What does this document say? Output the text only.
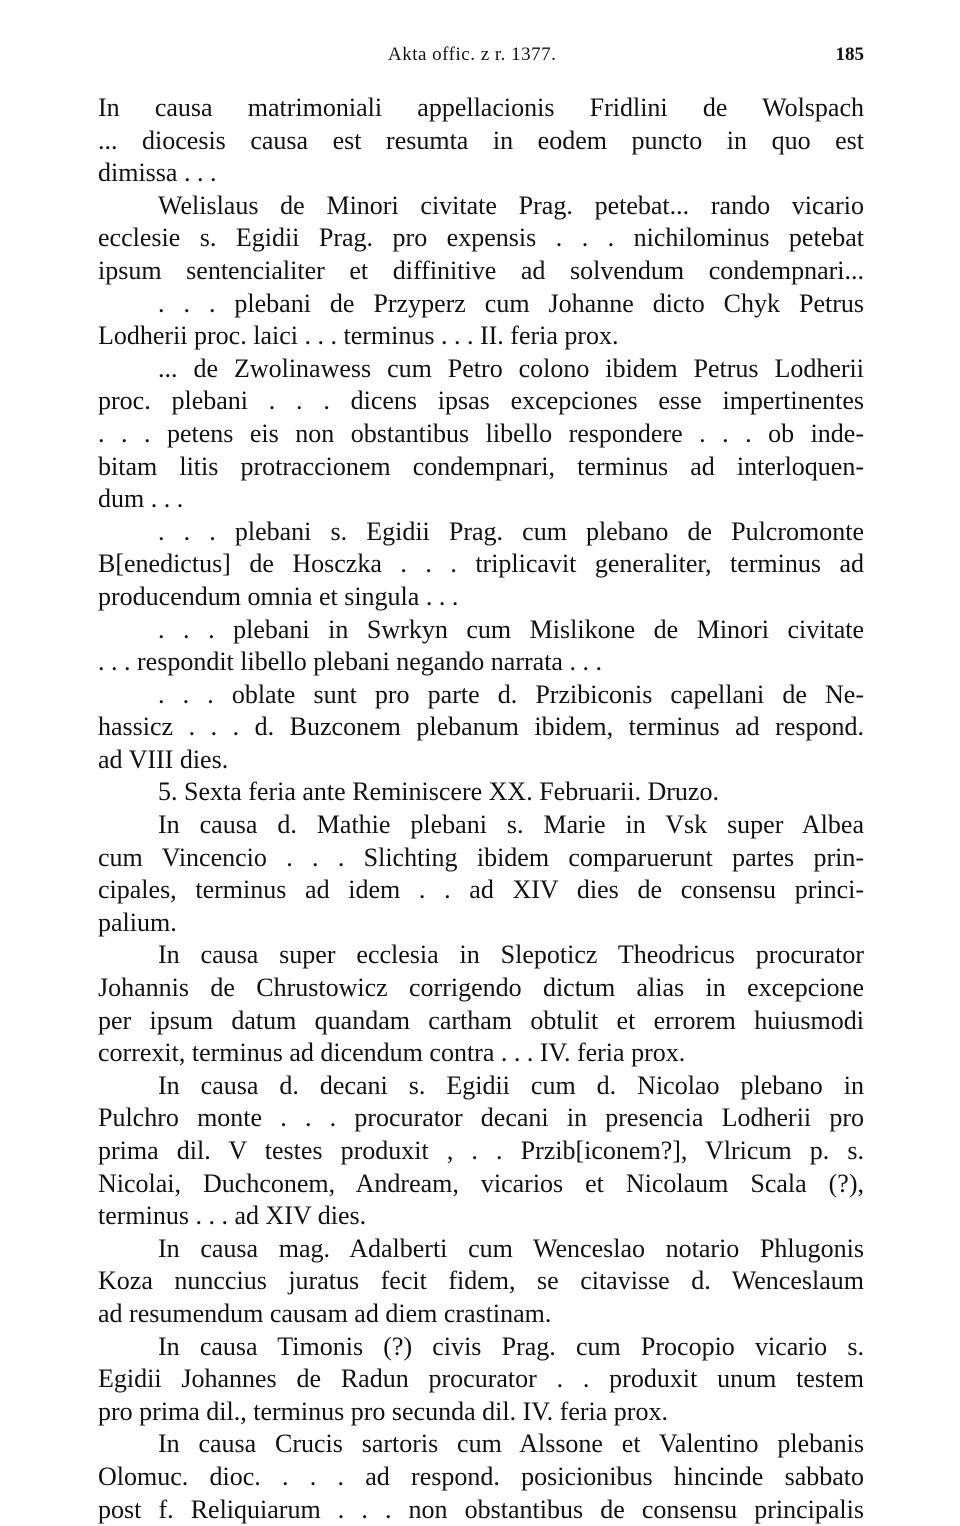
Akta offic. z r. 1377.	185
In causa matrimoniali appellacionis Fridlini de Wolspach
... diocesis causa est resumta in eodem puncto in quo est
dimissa . . .
Welislaus de Minori civitate Prag. petebat... rando vicario
ecclesie s. Egidii Prag. pro expensis . . . nichilominus petebat
ipsum sentencialiter et diffinitive ad solvendum condempnari...
. . . plebani de Przyperz cum Johanne dicto Chyk Petrus
Lodherii proc. laici . . . terminus . . . II. feria prox.
... de Zwolinawess cum Petro colono ibidem Petrus Lodherii
proc. plebani . . . dicens ipsas excepciones esse impertinentes
. . . petens eis non obstantibus libello respondere . . . ob inde-
bitam litis protraccionem condempnari, terminus ad interloquen-
dum . . .
. . . plebani s. Egidii Prag. cum plebano de Pulcromonte
B[enedictus] de Hosczka . . . triplicavit generaliter, terminus ad
producendum omnia et singula . . .
. . . plebani in Swrkyn cum Mislikone de Minori civitate
. . . respondit libello plebani negando narrata . . .
. . . oblate sunt pro parte d. Przibiconis capellani de Ne-
hassicz . . . d. Buzconem plebanum ibidem, terminus ad respond.
ad VIII dies.
5. Sexta feria ante Reminiscere XX. Februarii. Druzo.
In causa d. Mathie plebani s. Marie in Vsk super Albea
cum Vincencio . . . Slichting ibidem comparuerunt partes prin-
cipales, terminus ad idem . . ad XIV dies de consensu princi-
palium.
In causa super ecclesia in Slepoticz Theodricus procurator
Johannis de Chrustowicz corrigendo dictum alias in excepcione
per ipsum datum quandam cartham obtulit et errorem huiusmodi
correxit, terminus ad dicendum contra . . . IV. feria prox.
In causa d. decani s. Egidii cum d. Nicolao plebano in
Pulchro monte . . . procurator decani in presencia Lodherii pro
prima dil. V testes produxit , . . Przib[iconem?], Vlricum p. s.
Nicolai, Duchconem, Andream, vicarios et Nicolaum Scala (?),
terminus . . . ad XIV dies.
In causa mag. Adalberti cum Wenceslao notario Phlugonis
Koza nunccius juratus fecit fidem, se citavisse d. Wenceslaum
ad resumendum causam ad diem crastinam.
In causa Timonis (?) civis Prag. cum Procopio vicario s.
Egidii Johannes de Radun procurator . . produxit unum testem
pro prima dil., terminus pro secunda dil. IV. feria prox.
In causa Crucis sartoris cum Alssone et Valentino plebanis
Olomuc. dioc. . . . ad respond. posicionibus hincinde sabbato
post f. Reliquiarum . . . non obstantibus de consensu principalis
